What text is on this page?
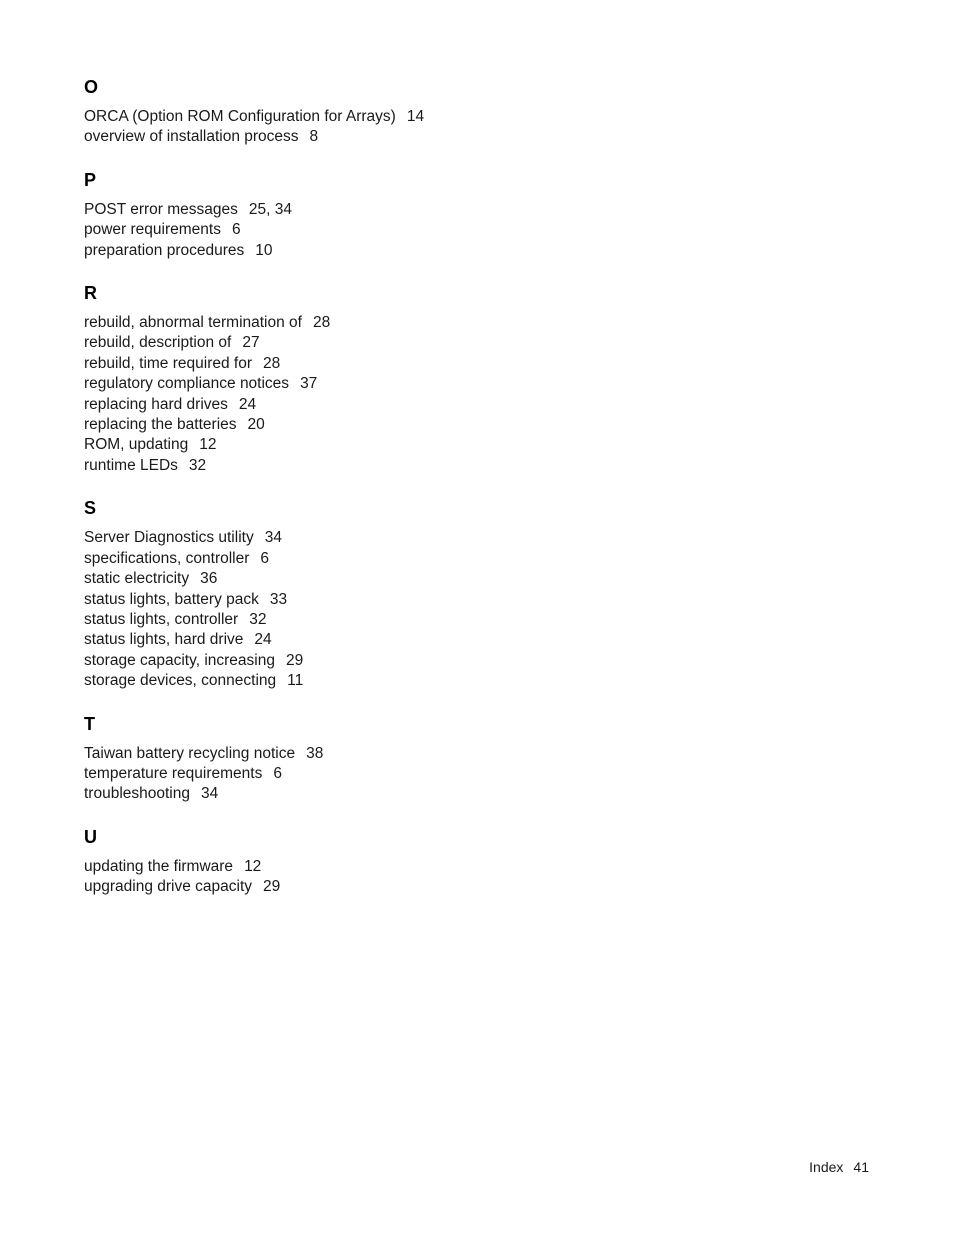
O
ORCA (Option ROM Configuration for Arrays) 14
overview of installation process 8
P
POST error messages 25, 34
power requirements 6
preparation procedures 10
R
rebuild, abnormal termination of 28
rebuild, description of 27
rebuild, time required for 28
regulatory compliance notices 37
replacing hard drives 24
replacing the batteries 20
ROM, updating 12
runtime LEDs 32
S
Server Diagnostics utility 34
specifications, controller 6
static electricity 36
status lights, battery pack 33
status lights, controller 32
status lights, hard drive 24
storage capacity, increasing 29
storage devices, connecting 11
T
Taiwan battery recycling notice 38
temperature requirements 6
troubleshooting 34
U
updating the firmware 12
upgrading drive capacity 29
Index 41
